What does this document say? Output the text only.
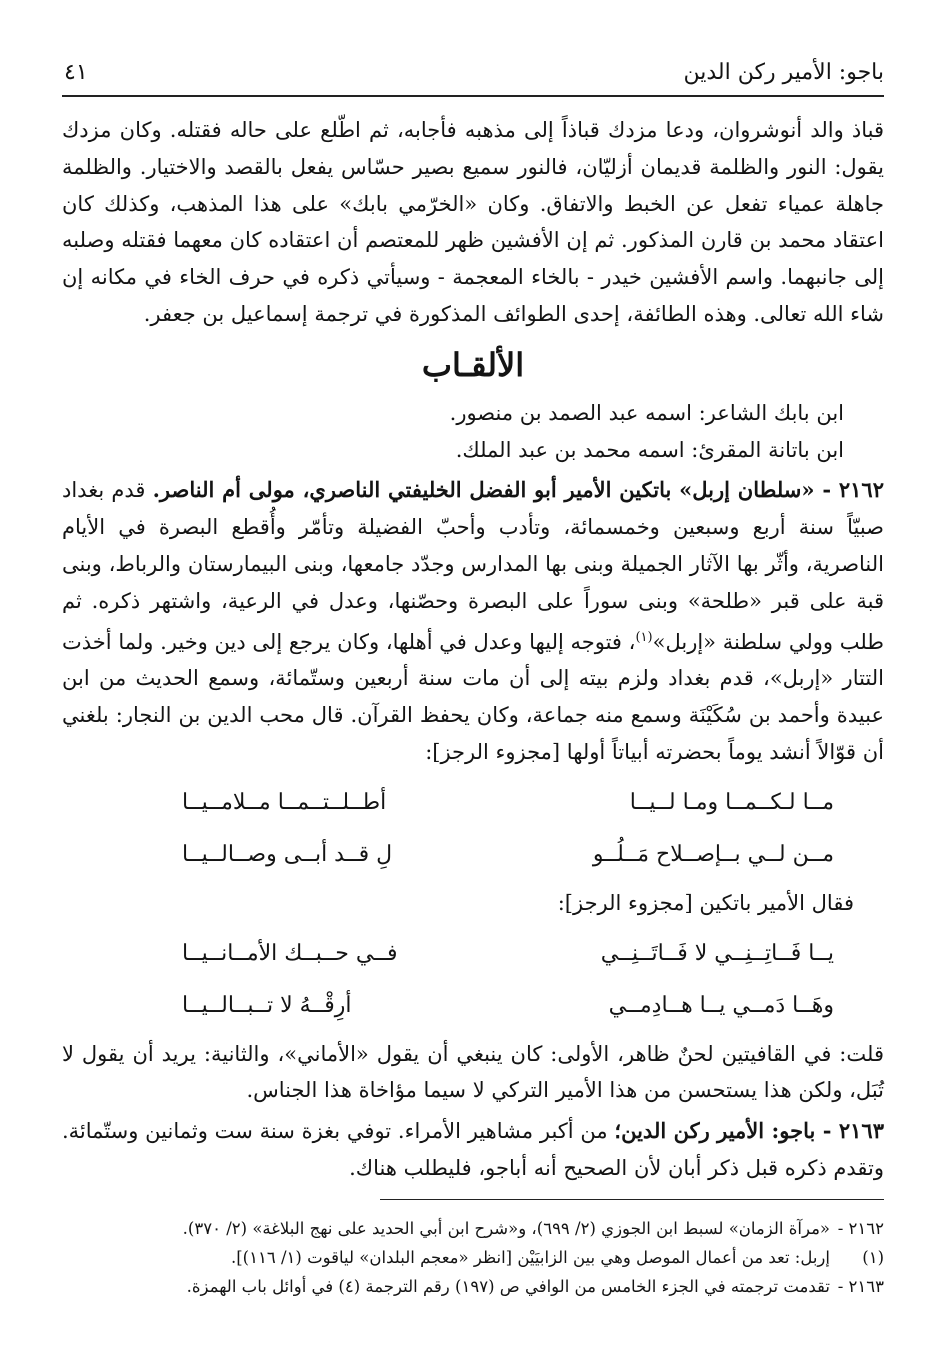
باجو: الأمير ركن الدين
٤١

قباذ والد أنوشروان، ودعا مزدك قباذاً إلى مذهبه فأجابه، ثم اطّلع على حاله فقتله. وكان مزدك يقول: النور والظلمة قديمان أزليّان، فالنور سميع بصير حسّاس يفعل بالقصد والاختيار. والظلمة جاهلة عمياء تفعل عن الخبط والاتفاق. وكان «الخرّمي بابك» على هذا المذهب، وكذلك كان اعتقاد محمد بن قارن المذكور. ثم إن الأفشين ظهر للمعتصم أن اعتقاده كان معهما فقتله وصلبه إلى جانبهما. واسم الأفشين خيدر - بالخاء المعجمة - وسيأتي ذكره في حرف الخاء في مكانه إن شاء الله تعالى. وهذه الطائفة، إحدى الطوائف المذكورة في ترجمة إسماعيل بن جعفر.

الألقـاب

ابن بابك الشاعر: اسمه عبد الصمد بن منصور.

ابن باتانة المقرئ: اسمه محمد بن عبد الملك.

٢١٦٢ - «سلطان إربل» باتكين الأمير أبو الفضل الخليفتي الناصري، مولى أم الناصر. قدم بغداد صبيّاً سنة أربع وسبعين وخمسمائة، وتأدب وأحبّ الفضيلة وتأمّر وأُقطع البصرة في الأيام الناصرية، وأثّر بها الآثار الجميلة وبنى بها المدارس وجدّد جامعها، وبنى البيمارستان والرباط، وبنى قبة على قبر «طلحة» وبنى سوراً على البصرة وحصّنها، وعدل في الرعية، واشتهر ذكره. ثم طلب وولي سلطنة «إربل»$^{(١)}$، فتوجه إليها وعدل في أهلها، وكان يرجع إلى دين وخير. ولما أخذت التتار «إربل»، قدم بغداد ولزم بيته إلى أن مات سنة أربعين وستّمائة، وسمع الحديث من ابن عبيدة وأحمد بن سُكَيْنَة وسمع منه جماعة، وكان يحفظ القرآن. قال محب الدين بن النجار: بلغني أن قوّالاً أنشد يوماً بحضرته أبياتاً أولها [مجزوء الرجز]:

مــا لـكــمــا ومـا لــيــا
أطــلــتــمــا مــلامــيــا
مــن لــي بــإصــلاح مَــلُــو
لِ قــد أبــى وصــالــيــا

فقال الأمير باتكين [مجزوء الرجز]:

يــا فَــاتِــنِــي لا فَــاتَــنِــي
فــي حــبــك الأمــانــيــا
وهَــا دَمــي يــا هــادِمــي
أرِقْــهُ لا تــبــالــيــا

قلت: في القافيتين لحنٌ ظاهر، الأولى: كان ينبغي أن يقول «الأماني»، والثانية: يريد أن يقول لا تُبَل، ولكن هذا يستحسن من هذا الأمير التركي لا سيما مؤاخاة هذا الجناس.

٢١٦٣ - باجو: الأمير ركن الدين؛ من أكبر مشاهير الأمراء. توفي بغزة سنة ست وثمانين وستّمائة. وتقدم ذكره قبل ذكر أبان لأن الصحيح أنه أباجو، فليطلب هناك.

٢١٦٢ -«مرآة الزمان» لسبط ابن الجوزي (٢/ ٦٩٩)، و«شرح ابن أبي الحديد على نهج البلاغة» (٢/ ٣٧٠).

(١)إربل: تعد من أعمال الموصل وهي بين الزابيَيْن [انظر «معجم البلدان» لياقوت (١/ ١١٦)].

٢١٦٣ -تقدمت ترجمته في الجزء الخامس من الوافي ص (١٩٧) رقم الترجمة (٤) في أوائل باب الهمزة.
